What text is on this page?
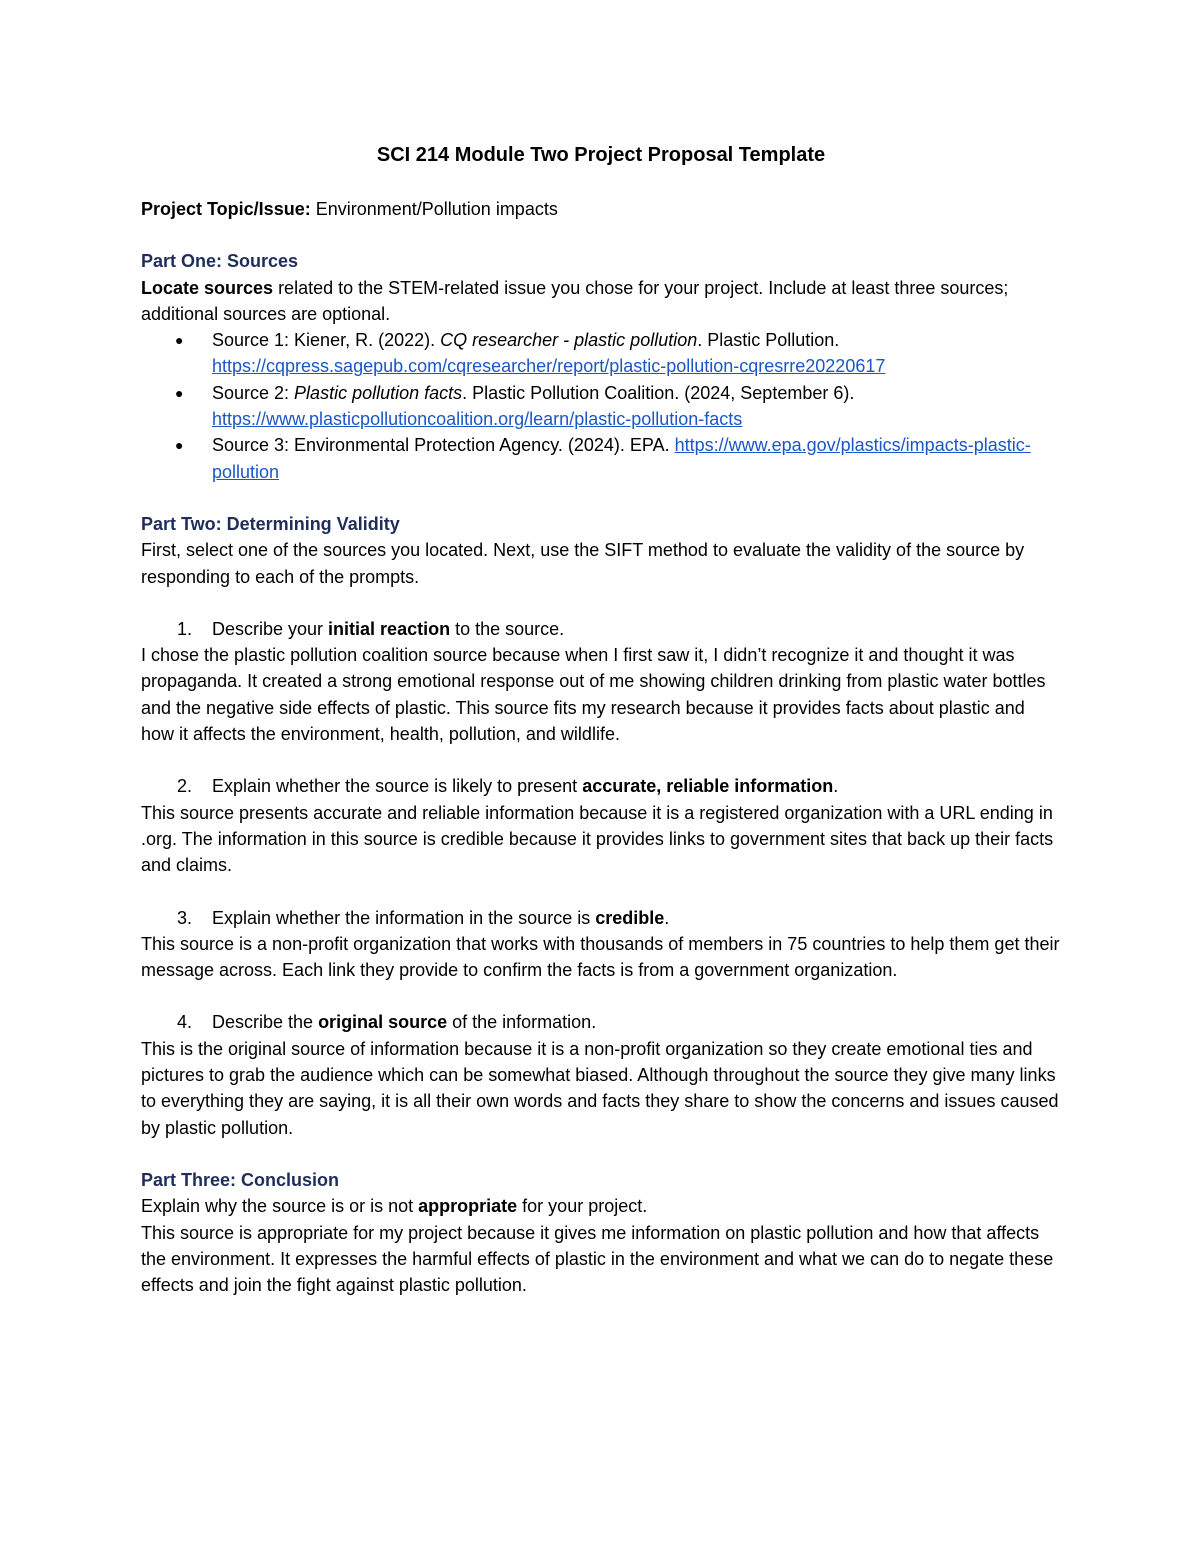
SCI 214 Module Two Project Proposal Template

Project Topic/Issue: Environment/Pollution impacts

Part One: Sources

Locate sources related to the STEM-related issue you chose for your project. Include at least three sources; additional sources are optional.

● Source 1: Kiener, R. (2022). CQ researcher - plastic pollution. Plastic Pollution. https://cqpress.sagepub.com/cqresearcher/report/plastic-pollution-cqresrre20220617
● Source 2: Plastic pollution facts. Plastic Pollution Coalition. (2024, September 6). https://www.plasticpollutioncoalition.org/learn/plastic-pollution-facts
● Source 3: Environmental Protection Agency. (2024). EPA. https://www.epa.gov/plastics/impacts-plastic-pollution

Part Two: Determining Validity

First, select one of the sources you located. Next, use the SIFT method to evaluate the validity of the source by responding to each of the prompts.

1. Describe your initial reaction to the source.

I chose the plastic pollution coalition source because when I first saw it, I didn’t recognize it and thought it was propaganda. It created a strong emotional response out of me showing children drinking from plastic water bottles and the negative side effects of plastic. This source fits my research because it provides facts about plastic and how it affects the environment, health, pollution, and wildlife.

2. Explain whether the source is likely to present accurate, reliable information.

This source presents accurate and reliable information because it is a registered organization with a URL ending in .org. The information in this source is credible because it provides links to government sites that back up their facts and claims.

3. Explain whether the information in the source is credible.

This source is a non-profit organization that works with thousands of members in 75 countries to help them get their message across. Each link they provide to confirm the facts is from a government organization.

4. Describe the original source of the information.

This is the original source of information because it is a non-profit organization so they create emotional ties and pictures to grab the audience which can be somewhat biased. Although throughout the source they give many links to everything they are saying, it is all their own words and facts they share to show the concerns and issues caused by plastic pollution.

Part Three: Conclusion

Explain why the source is or is not appropriate for your project.

This source is appropriate for my project because it gives me information on plastic pollution and how that affects the environment. It expresses the harmful effects of plastic in the environment and what we can do to negate these effects and join the fight against plastic pollution.
